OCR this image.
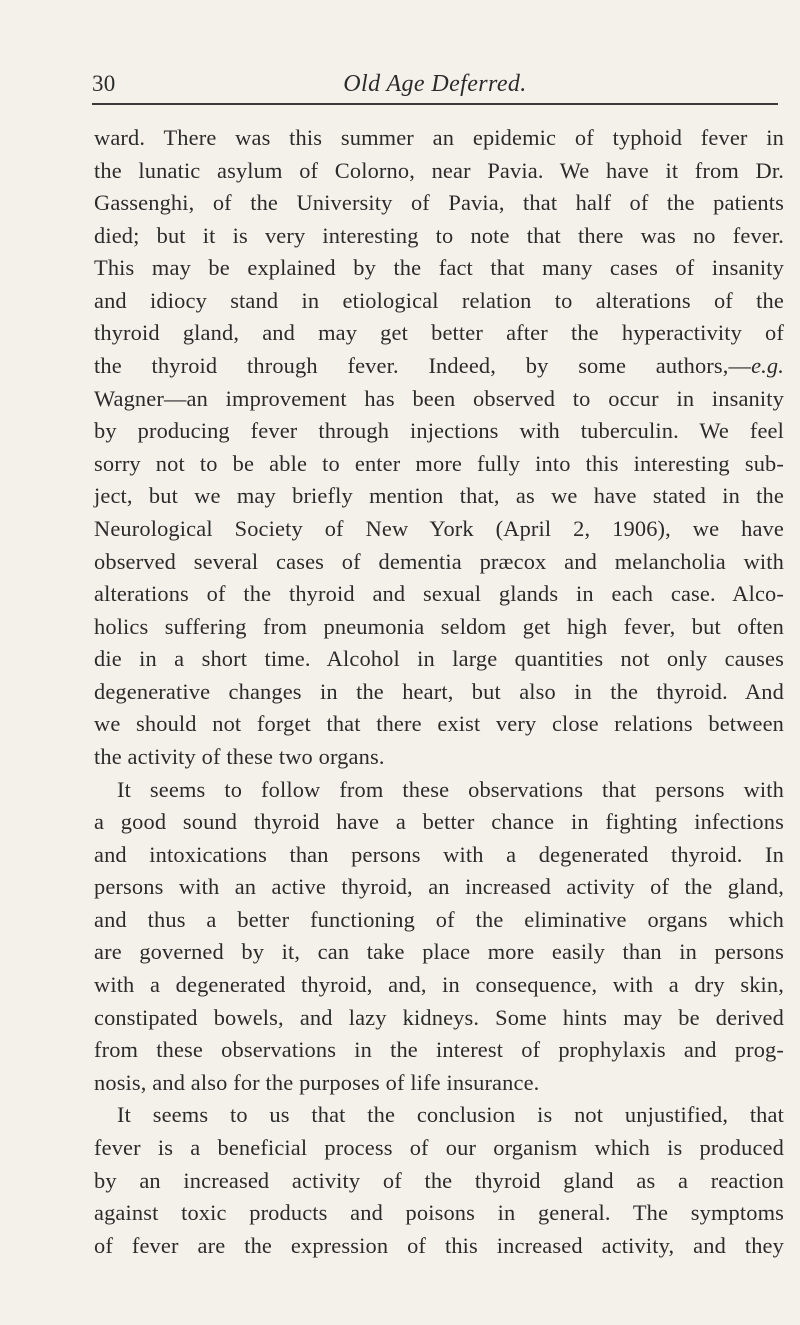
30	Old Age Deferred.
ward. There was this summer an epidemic of typhoid fever in
the lunatic asylum of Colorno, near Pavia. We have it from Dr.
Gassenghi, of the University of Pavia, that half of the patients
died; but it is very interesting to note that there was no fever.
This may be explained by the fact that many cases of insanity
and idiocy stand in etiological relation to alterations of the
thyroid gland, and may get better after the hyperactivity of
the thyroid through fever. Indeed, by some authors,—e.g.
Wagner—an improvement has been observed to occur in insanity
by producing fever through injections with tuberculin. We feel
sorry not to be able to enter more fully into this interesting sub-
ject, but we may briefly mention that, as we have stated in the
Neurological Society of New York (April 2, 1906), we have
observed several cases of dementia præcox and melancholia with
alterations of the thyroid and sexual glands in each case. Alco-
holics suffering from pneumonia seldom get high fever, but often
die in a short time. Alcohol in large quantities not only causes
degenerative changes in the heart, but also in the thyroid. And
we should not forget that there exist very close relations between
the activity of these two organs.
It seems to follow from these observations that persons with
a good sound thyroid have a better chance in fighting infections
and intoxications than persons with a degenerated thyroid. In
persons with an active thyroid, an increased activity of the gland,
and thus a better functioning of the eliminative organs which
are governed by it, can take place more easily than in persons
with a degenerated thyroid, and, in consequence, with a dry skin,
constipated bowels, and lazy kidneys. Some hints may be derived
from these observations in the interest of prophylaxis and prog-
nosis, and also for the purposes of life insurance.
It seems to us that the conclusion is not unjustified, that
fever is a beneficial process of our organism which is produced
by an increased activity of the thyroid gland as a reaction
against toxic products and poisons in general. The symptoms
of fever are the expression of this increased activity, and they
